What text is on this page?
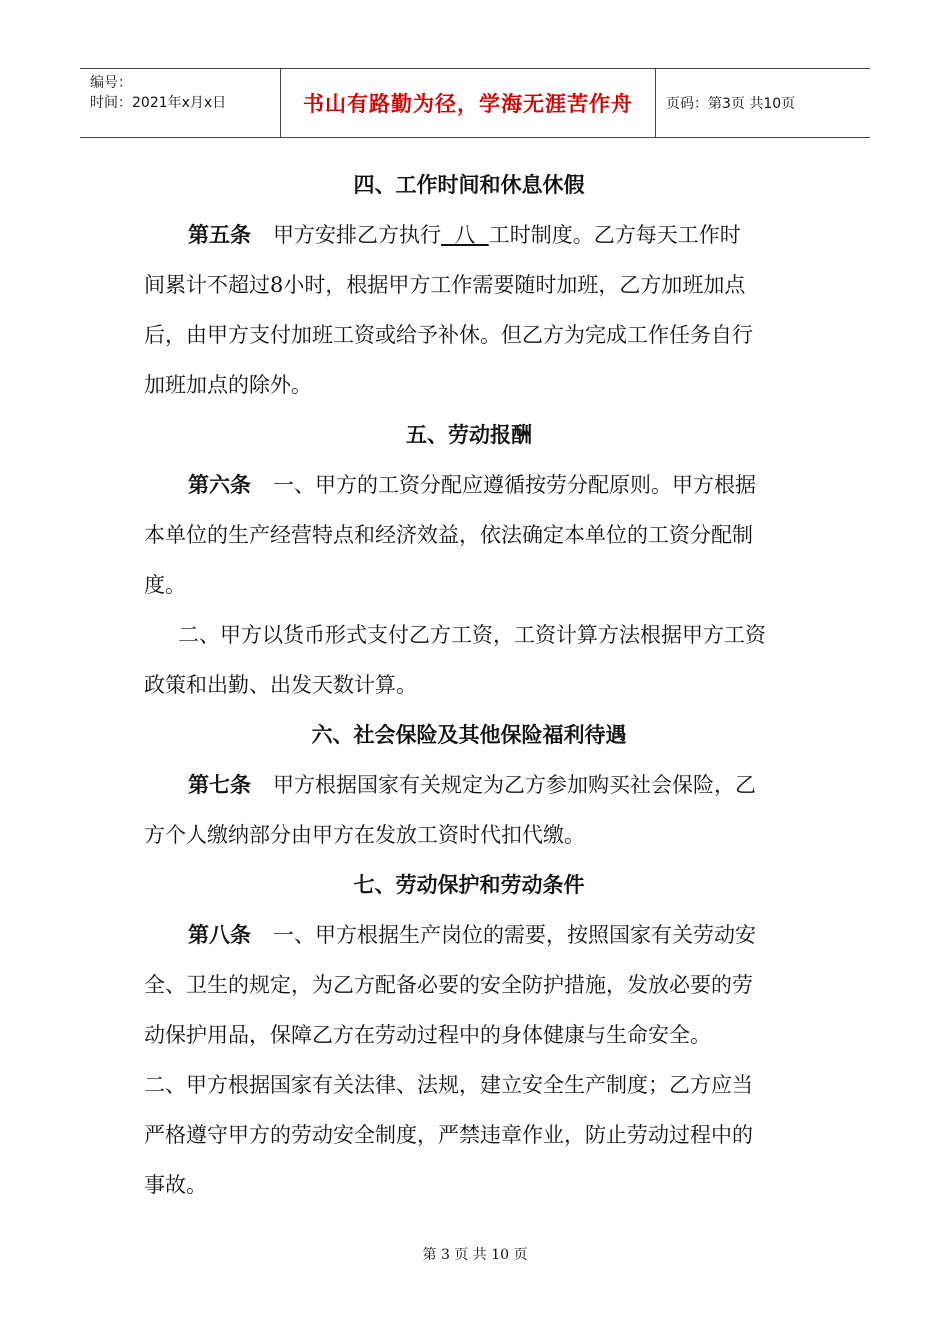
编号：
时间：2021年x月x日	书山有路勤为径，学海无涯苦作舟	页码：第3页 共10页
四、工作时间和休息休假
第五条 甲方安排乙方执行  八  工时制度。乙方每天工作时
间累计不超过8小时，根据甲方工作需要随时加班，乙方加班加点
后，由甲方支付加班工资或给予补休。但乙方为完成工作任务自行
加班加点的除外。
五、劳动报酬
第六条 一、甲方的工资分配应遵循按劳分配原则。甲方根据
本单位的生产经营特点和经济效益，依法确定本单位的工资分配制
度。
二、甲方以货币形式支付乙方工资，工资计算方法根据甲方工资
政策和出勤、出发天数计算。
六、社会保险及其他保险福利待遇
第七条 甲方根据国家有关规定为乙方参加购买社会保险，乙
方个人缴纳部分由甲方在发放工资时代扣代缴。
七、劳动保护和劳动条件
第八条 一、甲方根据生产岗位的需要，按照国家有关劳动安
全、卫生的规定，为乙方配备必要的安全防护措施，发放必要的劳
动保护用品，保障乙方在劳动过程中的身体健康与生命安全。
二、甲方根据国家有关法律、法规，建立安全生产制度；乙方应当
严格遵守甲方的劳动安全制度，严禁违章作业，防止劳动过程中的
事故。
第 3 页 共 10 页
